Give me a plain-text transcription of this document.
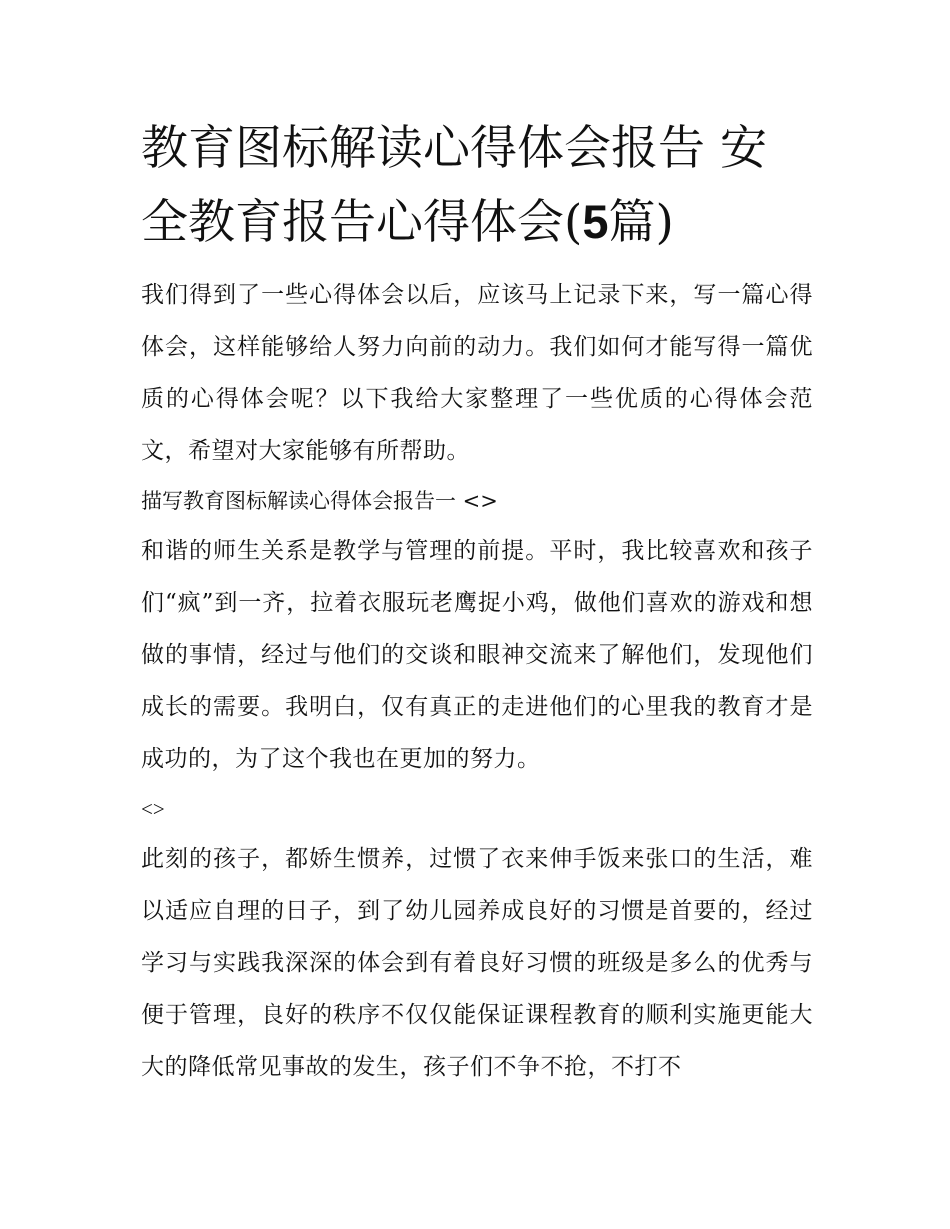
教育图标解读心得体会报告 安全教育报告心得体会(5篇)

我们得到了一些心得体会以后，应该马上记录下来，写一篇心得体会，这样能够给人努力向前的动力。我们如何才能写得一篇优质的心得体会呢？以下我给大家整理了一些优质的心得体会范文，希望对大家能够有所帮助。

描写教育图标解读心得体会报告一 <>

和谐的师生关系是教学与管理的前提。平时，我比较喜欢和孩子们“疯”到一齐，拉着衣服玩老鹰捉小鸡，做他们喜欢的游戏和想做的事情，经过与他们的交谈和眼神交流来了解他们，发现他们成长的需要。我明白，仅有真正的走进他们的心里我的教育才是成功的，为了这个我也在更加的努力。

<>

此刻的孩子，都娇生惯养，过惯了衣来伸手饭来张口的生活，难以适应自理的日子，到了幼儿园养成良好的习惯是首要的，经过学习与实践我深深的体会到有着良好习惯的班级是多么的优秀与便于管理，良好的秩序不仅仅能保证课程教育的顺利实施更能大大的降低常见事故的发生，孩子们不争不抢，不打不
